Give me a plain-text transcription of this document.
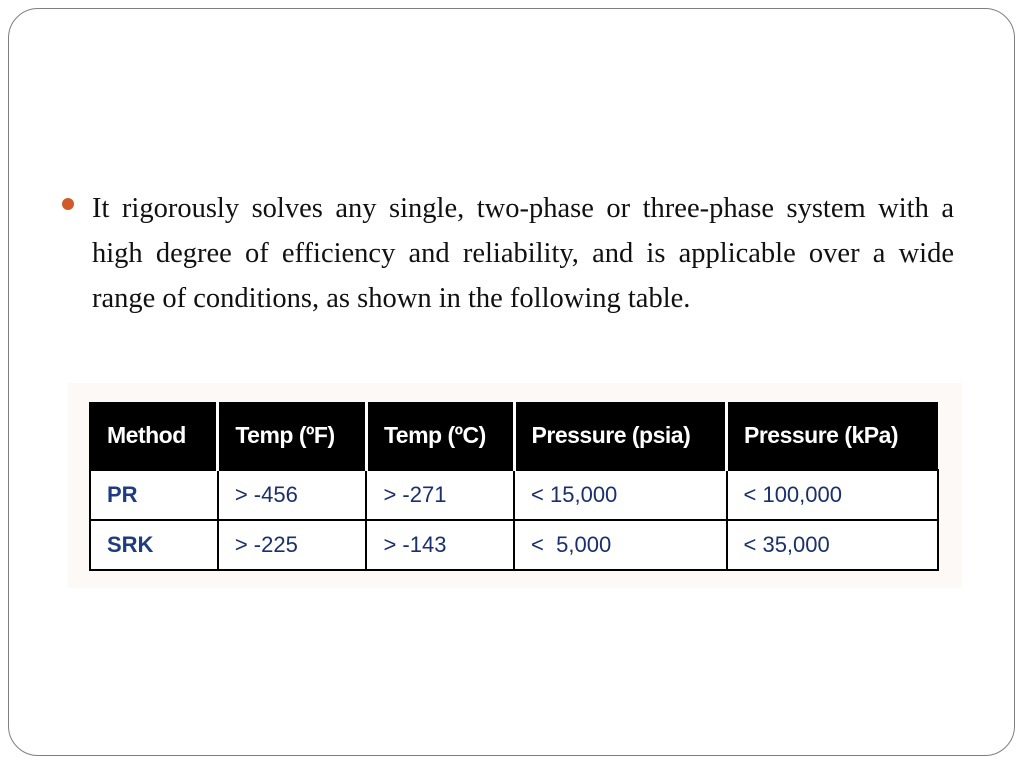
It rigorously solves any single, two-phase or three-phase system with a high degree of efficiency and reliability, and is applicable over a wide range of conditions, as shown in the following table.
Method	Temp (ºF)	Temp (ºC)	Pressure (psia)	Pressure (kPa)
PR	> -456	> -271	< 15,000	< 100,000
SRK	> -225	> -143	<  5,000	< 35,000
